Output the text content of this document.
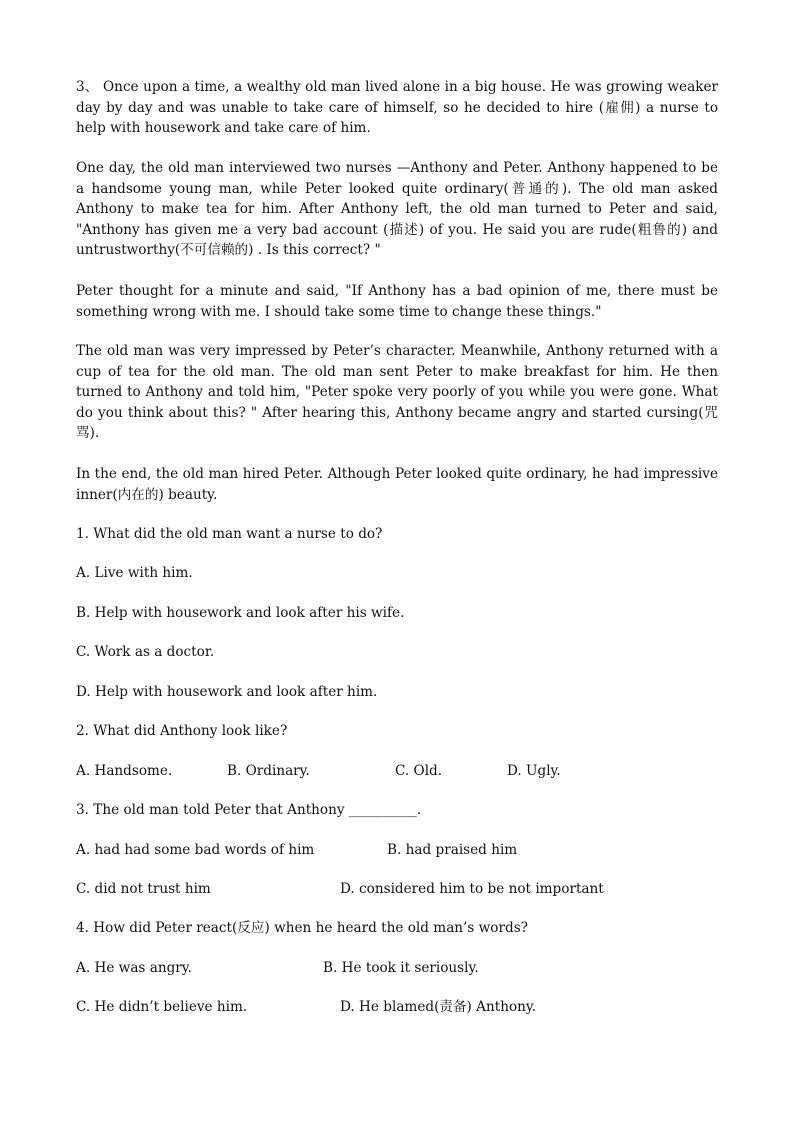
3、 Once upon a time, a wealthy old man lived alone in a big house. He was growing weaker day by day and was unable to take care of himself, so he decided to hire (雇佣) a nurse to help with housework and take care of him.

One day, the old man interviewed two nurses —Anthony and Peter. Anthony happened to be a handsome young man, while Peter looked quite ordinary(普通的). The old man asked Anthony to make tea for him. After Anthony left, the old man turned to Peter and said, "Anthony has given me a very bad account (描述) of you. He said you are rude(粗鲁的) and untrustworthy(不可信赖的) . Is this correct? "

Peter thought for a minute and said, "If Anthony has a bad opinion of me, there must be something wrong with me. I should take some time to change these things."

The old man was very impressed by Peter’s character. Meanwhile, Anthony returned with a cup of tea for the old man. The old man sent Peter to make breakfast for him. He then turned to Anthony and told him, "Peter spoke very poorly of you while you were gone. What do you think about this? " After hearing this, Anthony became angry and started cursing(咒骂).

In the end, the old man hired Peter. Although Peter looked quite ordinary, he had impressive inner(内在的) beauty.

1. What did the old man want a nurse to do?

A. Live with him.

B. Help with housework and look after his wife.

C. Work as a doctor.

D. Help with housework and look after him.

2. What did Anthony look like?

A. Handsome.	B. Ordinary.	C. Old.	D. Ugly.

3. The old man told Peter that Anthony __________.

A. had had some bad words of him	B. had praised him
C. did not trust him	D. considered him to be not important

4. How did Peter react(反应) when he heard the old man’s words?

A. He was angry.	B. He took it seriously.
C. He didn’t believe him.	D. He blamed(责备) Anthony.
